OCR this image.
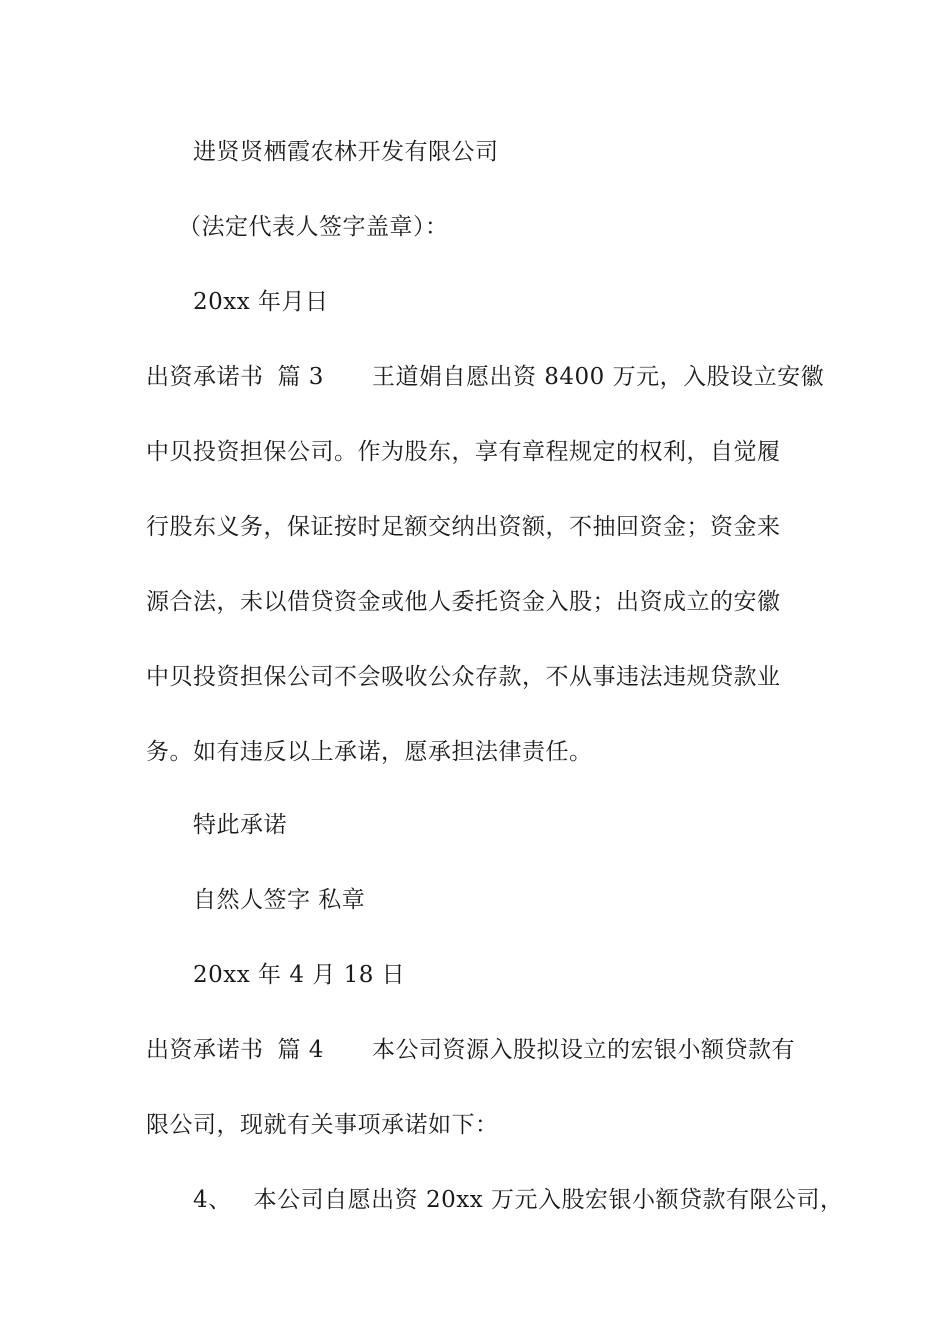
进贤贤栖霞农林开发有限公司
（法定代表人签字盖章）：
20xx 年月日
出资承诺书 篇 3 王道娟自愿出资 8400 万元，入股设立安徽
中贝投资担保公司。作为股东，享有章程规定的权利，自觉履
行股东义务，保证按时足额交纳出资额，不抽回资金；资金来
源合法，未以借贷资金或他人委托资金入股；出资成立的安徽
中贝投资担保公司不会吸收公众存款，不从事违法违规贷款业
务。如有违反以上承诺，愿承担法律责任。
特此承诺
自然人签字 私章
20xx 年 4 月 18 日
出资承诺书 篇 4 本公司资源入股拟设立的宏银小额贷款有
限公司，现就有关事项承诺如下：
4、 本公司自愿出资 20xx 万元入股宏银小额贷款有限公司，
